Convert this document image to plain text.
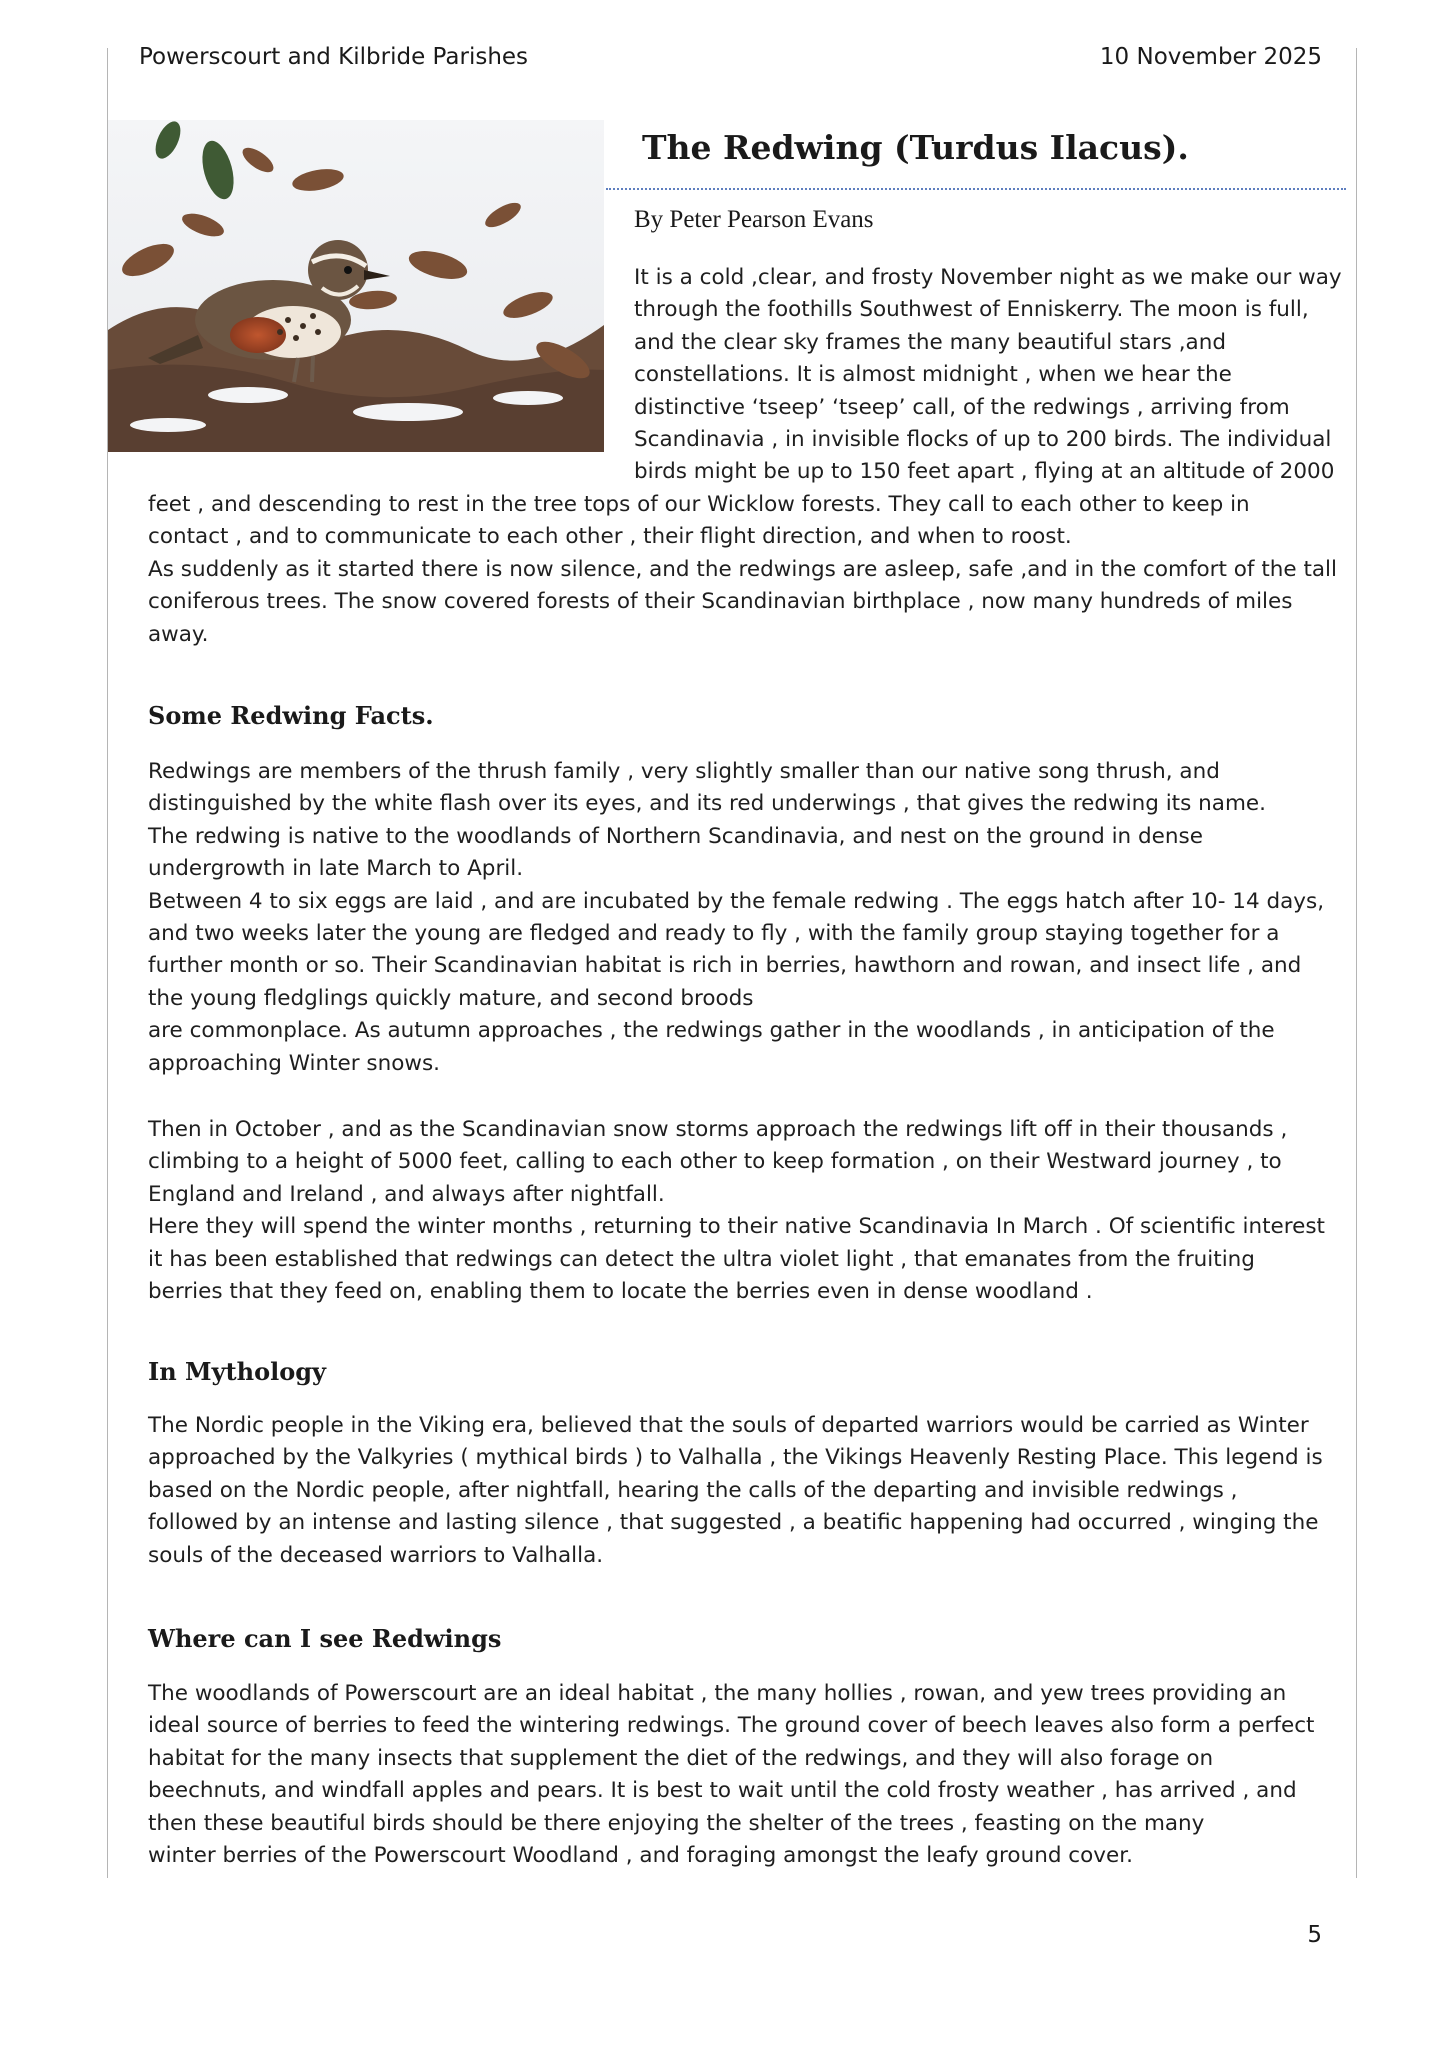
Powerscourt and Kilbride Parishes	10 November 2025
The Redwing (Turdus Ilacus).
By Peter Pearson Evans
It is a cold ,clear, and frosty November night as we make our way
through the foothills Southwest of Enniskerry. The moon is full,
and the clear sky frames the many beautiful stars ,and
constellations. It is almost midnight , when we hear the
distinctive ‘tseep’ ‘tseep’ call, of the redwings , arriving from
Scandinavia , in invisible flocks of up to 200 birds. The individual
birds might be up to 150 feet apart , flying at an altitude of 2000
feet , and descending to rest in the tree tops of our Wicklow forests. They call to each other to keep in
contact , and to communicate to each other , their flight direction, and when to roost.
As suddenly as it started there is now silence, and the redwings are asleep, safe ,and in the comfort of the tall
coniferous trees. The snow covered forests of their Scandinavian birthplace , now many hundreds of miles
away.
Some Redwing Facts.
Redwings are members of the thrush family , very slightly smaller than our native song thrush, and
distinguished by the white flash over its eyes, and its red underwings , that gives the redwing its name.
The redwing is native to the woodlands of Northern Scandinavia, and nest on the ground in dense
undergrowth in late March to April.
Between 4 to six eggs are laid , and are incubated by the female redwing . The eggs hatch after 10- 14 days,
and two weeks later the young are fledged and ready to fly , with the family group staying together for a
further month or so. Their Scandinavian habitat is rich in berries, hawthorn and rowan, and insect life , and
the young fledglings quickly mature, and second broods
are commonplace. As autumn approaches , the redwings gather in the woodlands , in anticipation of the
approaching Winter snows.
Then in October , and as the Scandinavian snow storms approach the redwings lift off in their thousands ,
climbing to a height of 5000 feet, calling to each other to keep formation , on their Westward journey , to
England and Ireland , and always after nightfall.
Here they will spend the winter months , returning to their native Scandinavia In March . Of scientific interest
it has been established that redwings can detect the ultra violet light , that emanates from the fruiting
berries that they feed on, enabling them to locate the berries even in dense woodland .
In Mythology
The Nordic people in the Viking era, believed that the souls of departed warriors would be carried as Winter
approached by the Valkyries ( mythical birds ) to Valhalla , the Vikings Heavenly Resting Place. This legend is
based on the Nordic people, after nightfall, hearing the calls of the departing and invisible redwings ,
followed by an intense and lasting silence , that suggested , a beatific happening had occurred , winging the
souls of the deceased warriors to Valhalla.
Where can I see Redwings
The woodlands of Powerscourt are an ideal habitat , the many hollies , rowan, and yew trees providing an
ideal source of berries to feed the wintering redwings. The ground cover of beech leaves also form a perfect
habitat for the many insects that supplement the diet of the redwings, and they will also forage on
beechnuts, and windfall apples and pears. It is best to wait until the cold frosty weather , has arrived , and
then these beautiful birds should be there enjoying the shelter of the trees , feasting on the many
winter berries of the Powerscourt Woodland , and foraging amongst the leafy ground cover.
5
